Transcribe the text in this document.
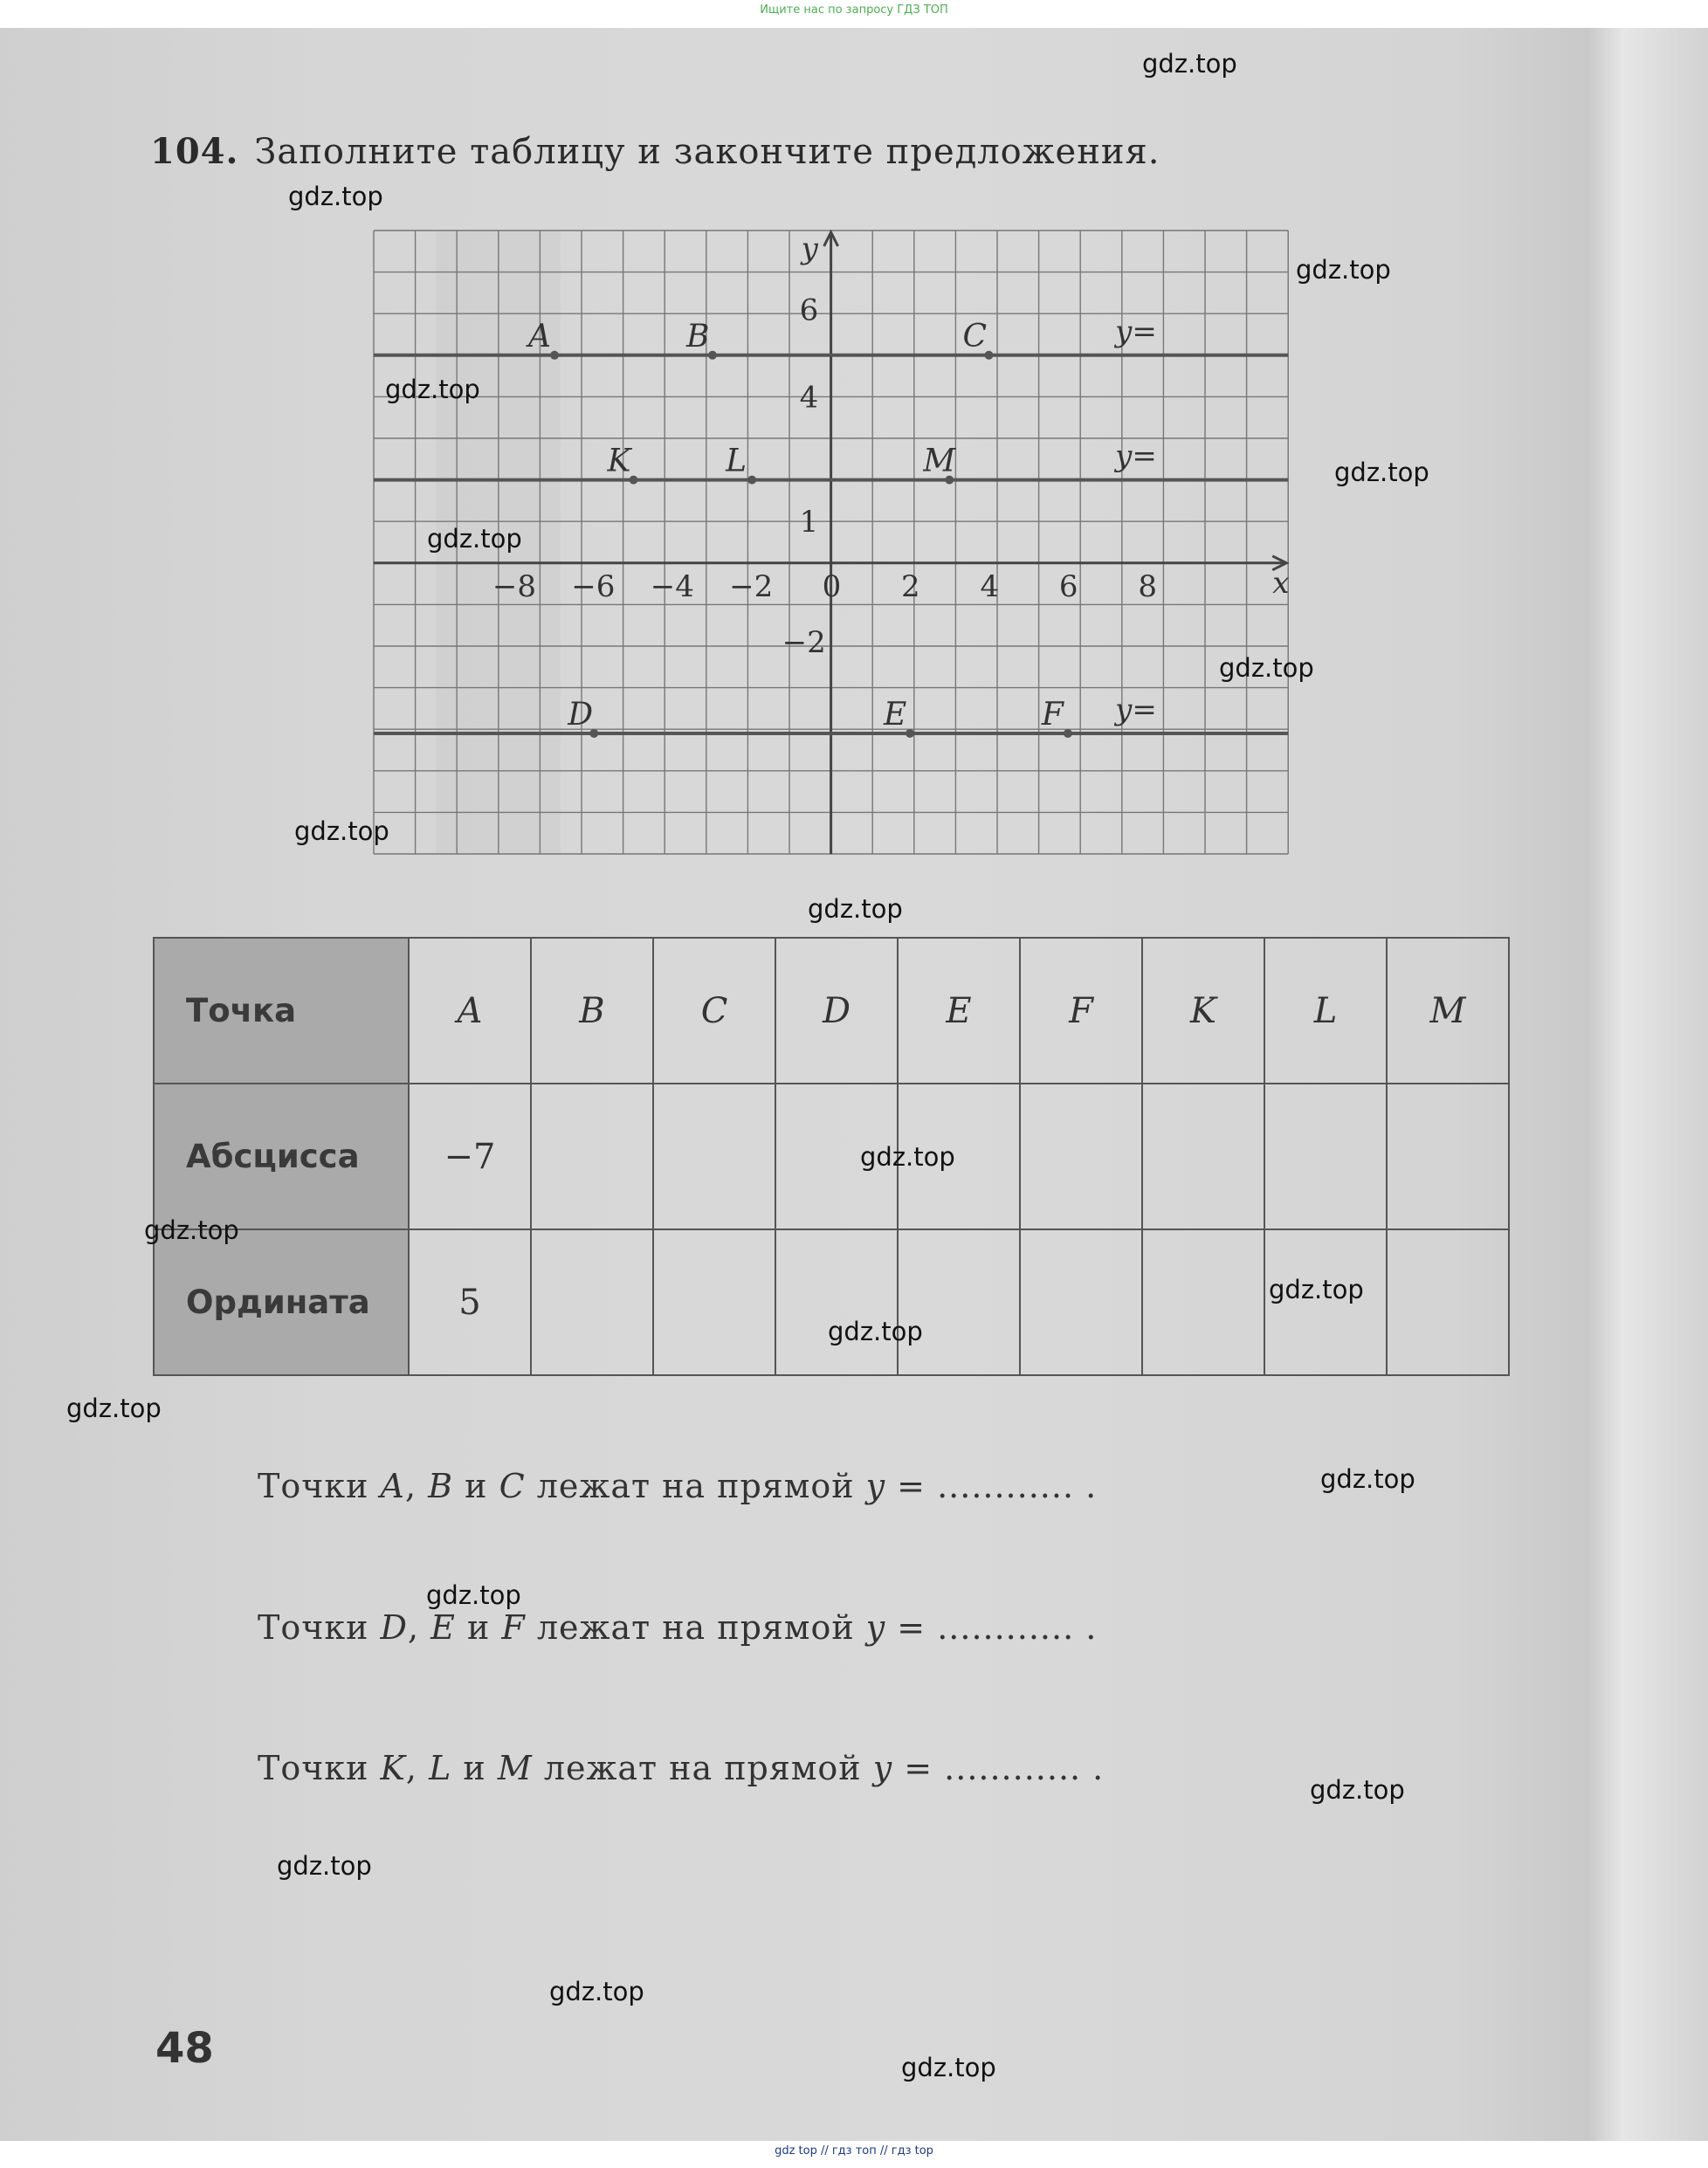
Ищите нас по запросу ГДЗ ТОП
104. Заполните таблицу и закончите предложения.
x
y
−8 −6 −4 −2 0 2 4 6 8
6
4
1
−2
y=
A	B	C
y=
K	L	M
y=
D	E	F
Точка	A	B	C	D	E	F	K	L	M
Абсцисса	−7								
Ордината	5								
Точки A, B и C лежат на прямой y = ............ .
Точки D, E и F лежат на прямой y = ............ .
Точки K, L и M лежат на прямой y = ............ .
48
gdz.top
gdz.top
gdz.top
gdz.top
gdz.top
gdz.top
gdz.top
gdz.top
gdz.top
gdz.top
gdz.top
gdz.top
gdz.top
gdz.top
gdz.top
gdz.top
gdz.top
gdz.top
gdz.top
gdz.top
gdz top // гдз топ // гдз top
